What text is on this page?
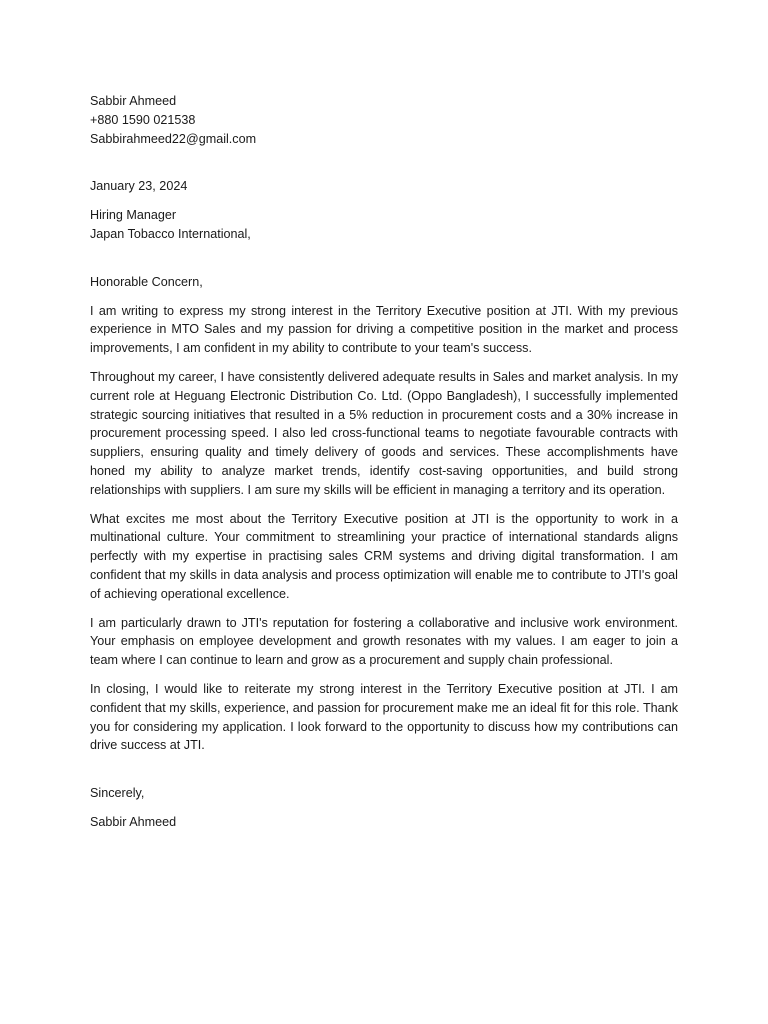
Sabbir Ahmeed
+880 1590 021538
Sabbirahmeed22@gmail.com
January 23, 2024
Hiring Manager
Japan Tobacco International,
Honorable Concern,

I am writing to express my strong interest in the Territory Executive position at JTI. With my previous experience in MTO Sales and my passion for driving a competitive position in the market and process improvements, I am confident in my ability to contribute to your team's success.

Throughout my career, I have consistently delivered adequate results in Sales and market analysis. In my current role at Heguang Electronic Distribution Co. Ltd. (Oppo Bangladesh), I successfully implemented strategic sourcing initiatives that resulted in a 5% reduction in procurement costs and a 30% increase in procurement processing speed. I also led cross-functional teams to negotiate favourable contracts with suppliers, ensuring quality and timely delivery of goods and services. These accomplishments have honed my ability to analyze market trends, identify cost-saving opportunities, and build strong relationships with suppliers. I am sure my skills will be efficient in managing a territory and its operation.

What excites me most about the Territory Executive position at JTI is the opportunity to work in a multinational culture. Your commitment to streamlining your practice of international standards aligns perfectly with my expertise in practising sales CRM systems and driving digital transformation. I am confident that my skills in data analysis and process optimization will enable me to contribute to JTI's goal of achieving operational excellence.

I am particularly drawn to JTI's reputation for fostering a collaborative and inclusive work environment. Your emphasis on employee development and growth resonates with my values. I am eager to join a team where I can continue to learn and grow as a procurement and supply chain professional.

In closing, I would like to reiterate my strong interest in the Territory Executive position at JTI. I am confident that my skills, experience, and passion for procurement make me an ideal fit for this role. Thank you for considering my application. I look forward to the opportunity to discuss how my contributions can drive success at JTI.

Sincerely,
Sabbir Ahmeed
